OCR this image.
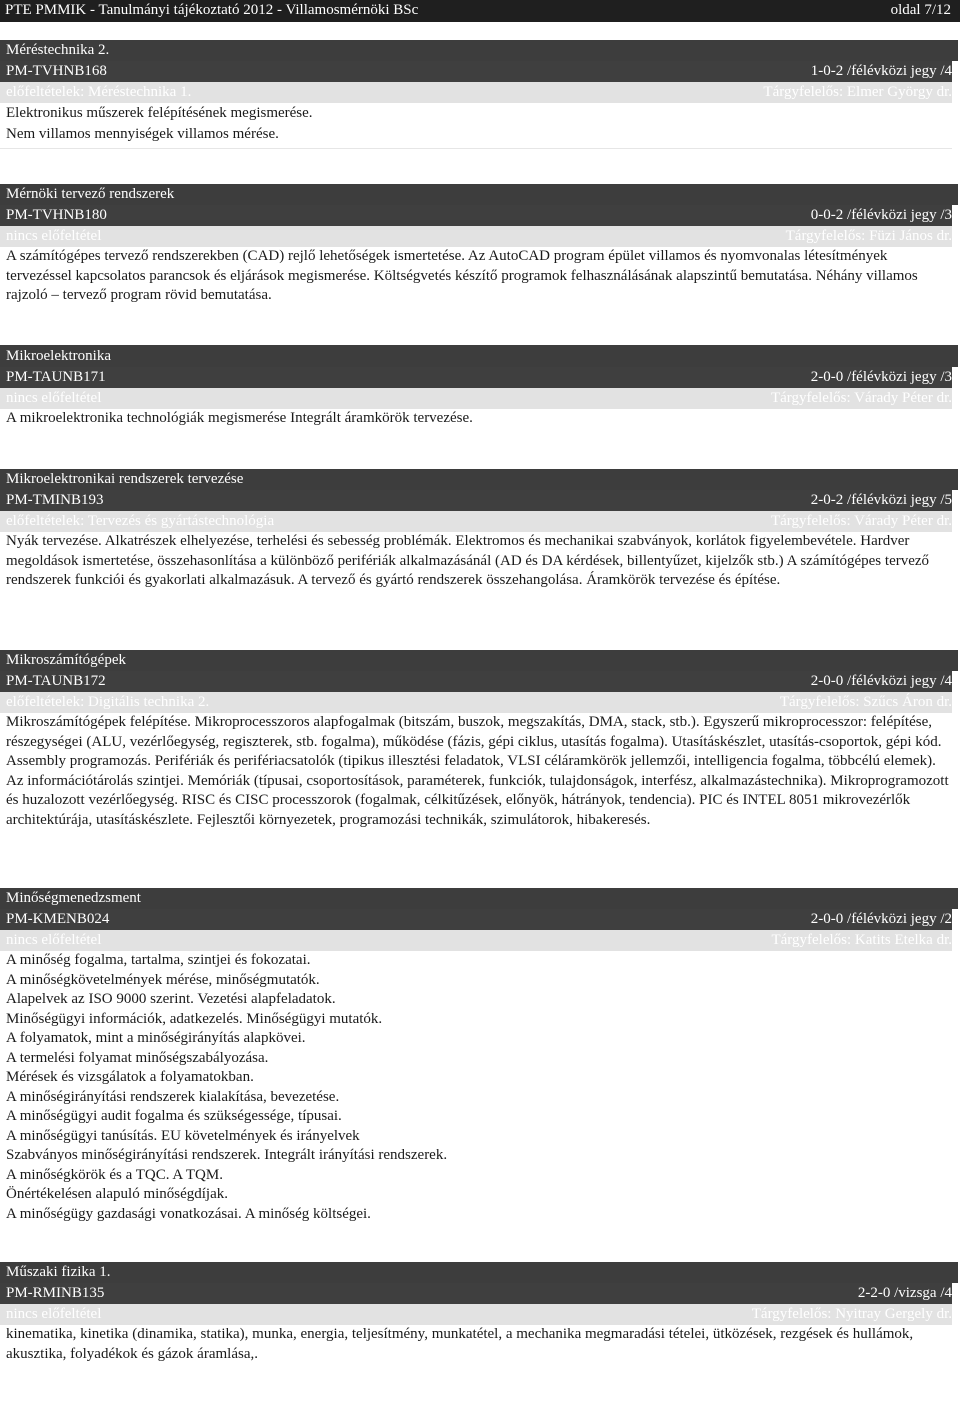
PTE PMMIK - Tanulmányi tájékoztató 2012 - Villamosmérnöki BSc	oldal 7/12
Méréstechnika 2.
PM-TVHNB168	1-0-2 /félévközi jegy /4
előfeltételek: Méréstechnika 1.	Tárgyfelelős: Elmer György dr.

Elektronikus műszerek felépítésének megismerése.

Nem villamos mennyiségek villamos mérése.

Mérnöki tervező rendszerek
PM-TVHNB180	0-0-2 /félévközi jegy /3
nincs előfeltétel	Tárgyfelelős: Füzi János dr.

A számítógépes tervező rendszerekben (CAD) rejlő lehetőségek ismertetése. Az AutoCAD program épület villamos és nyomvonalas létesítmények tervezéssel kapcsolatos parancsok és eljárások megismerése. Költségvetés készítő programok felhasználásának alapszintű bemutatása. Néhány villamos rajzoló – tervező program rövid bemutatása.

Mikroelektronika
PM-TAUNB171	2-0-0 /félévközi jegy /3
nincs előfeltétel	Tárgyfelelős: Várady Péter dr.

A mikroelektronika technológiák megismerése Integrált áramkörök tervezése.

Mikroelektronikai rendszerek tervezése
PM-TMINB193	2-0-2 /félévközi jegy /5
előfeltételek: Tervezés és gyártástechnológia	Tárgyfelelős: Várady Péter dr.

Nyák tervezése. Alkatrészek elhelyezése, terhelési és sebesség problémák. Elektromos és mechanikai szabványok, korlátok figyelembevétele. Hardver megoldások ismertetése, összehasonlítása a különböző perifériák alkalmazásánál (AD és DA kérdések, billentyűzet, kijelzők stb.) A számítógépes tervező rendszerek funkciói és gyakorlati alkalmazásuk. A tervező és gyártó rendszerek összehangolása. Áramkörök tervezése és építése.

Mikroszámítógépek
PM-TAUNB172	2-0-0 /félévközi jegy /4
előfeltételek: Digitális technika 2.	Tárgyfelelős: Szűcs Áron dr.

Mikroszámítógépek felépítése. Mikroprocesszoros alapfogalmak (bitszám, buszok, megszakítás, DMA, stack, stb.). Egyszerű mikroprocesszor: felépítése, részegységei (ALU, vezérlőegység, regiszterek, stb. fogalma), működése (fázis, gépi ciklus, utasítás fogalma). Utasításkészlet, utasítás-csoportok, gépi kód. Assembly programozás. Perifériák és perifériacsatolók (tipikus illesztési feladatok, VLSI céláramkörök jellemzői, intelligencia fogalma, többcélú elemek). Az információtárolás szintjei. Memóriák (típusai, csoportosítások, paraméterek, funkciók, tulajdonságok, interfész, alkalmazástechnika). Mikroprogramozott és huzalozott vezérlőegység. RISC és CISC processzorok (fogalmak, célkitűzések, előnyök, hátrányok, tendencia). PIC és INTEL 8051 mikrovezérlők architektúrája, utasításkészlete. Fejlesztői környezetek, programozási technikák, szimulátorok, hibakeresés.

Minőségmenedzsment
PM-KMENB024	2-0-0 /félévközi jegy /2
nincs előfeltétel	Tárgyfelelős: Katits Etelka dr.

A minőség fogalma, tartalma, szintjei és fokozatai.

A minőségkövetelmények mérése, minőségmutatók.

Alapelvek az ISO 9000 szerint. Vezetési alapfeladatok.

Minőségügyi információk, adatkezelés. Minőségügyi mutatók.

A folyamatok, mint a minőségirányítás alapkövei.

A termelési folyamat minőségszabályozása.

Mérések és vizsgálatok a folyamatokban.

A minőségirányítási rendszerek kialakítása, bevezetése.

A minőségügyi audit fogalma és szükségessége, típusai.

A minőségügyi tanúsítás. EU követelmények és irányelvek

Szabványos minőségirányítási rendszerek. Integrált irányítási rendszerek.

A minőségkörök és a TQC. A TQM.

Önértékelésen alapuló minőségdíjak.

A minőségügy gazdasági vonatkozásai. A minőség költségei.

Műszaki fizika 1.
PM-RMINB135	2-2-0 /vizsga /4
nincs előfeltétel	Tárgyfelelős: Nyitray Gergely dr.

kinematika, kinetika (dinamika, statika), munka, energia, teljesítmény, munkatétel, a mechanika megmaradási tételei, ütközések, rezgések és hullámok, akusztika, folyadékok és gázok áramlása,.
